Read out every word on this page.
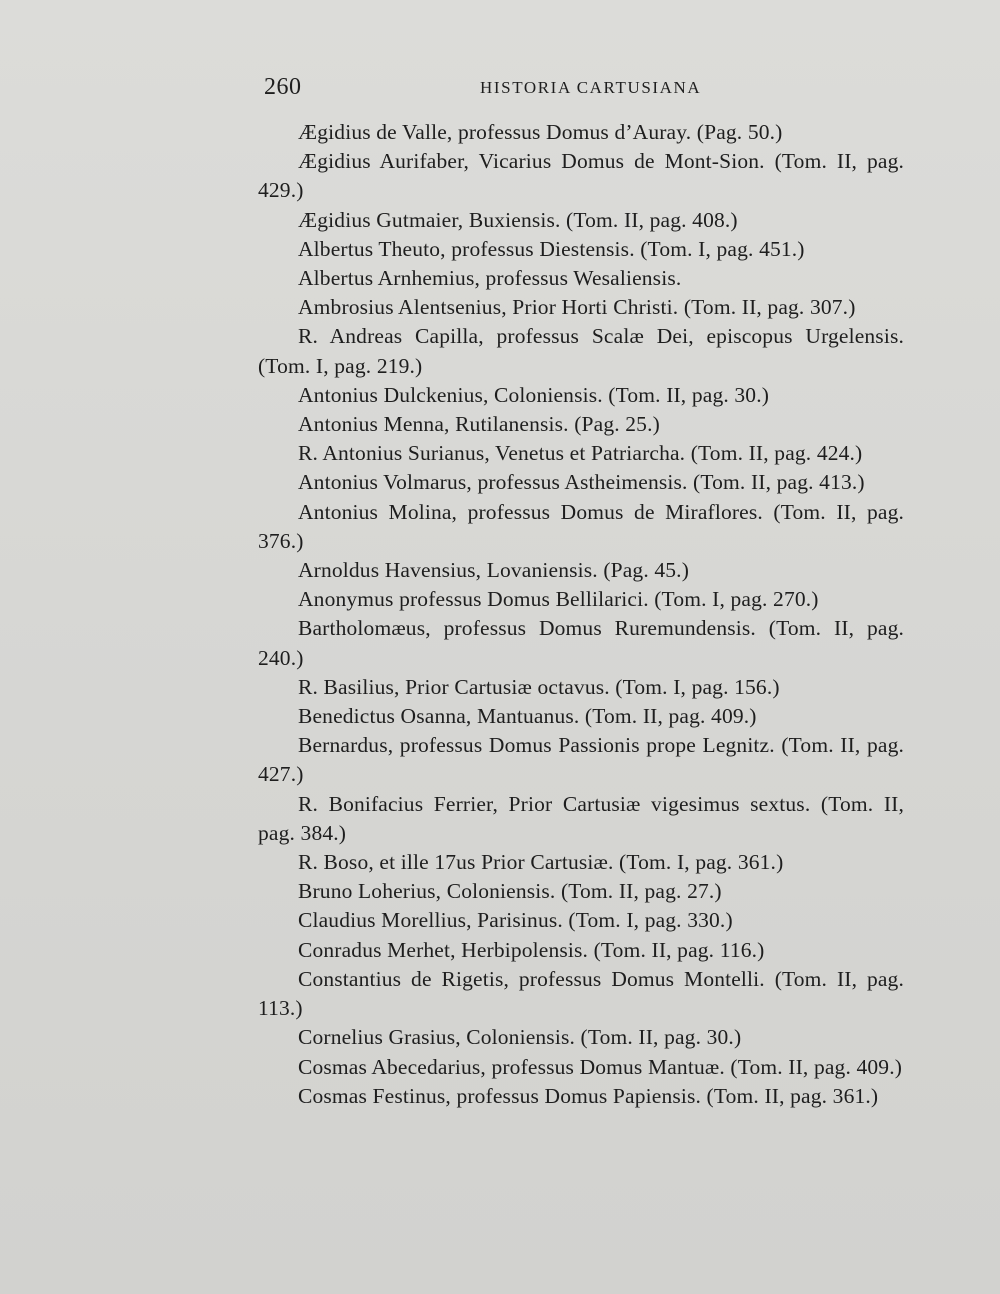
260	HISTORIA CARTUSIANA

Ægidius de Valle, professus Domus d’Auray. (Pag. 50.)

Ægidius Aurifaber, Vicarius Domus de Mont-Sion. (Tom. II, pag. 429.)

Ægidius Gutmaier, Buxiensis. (Tom. II, pag. 408.)

Albertus Theuto, professus Diestensis. (Tom. I, pag. 451.)

Albertus Arnhemius, professus Wesaliensis.

Ambrosius Alentsenius, Prior Horti Christi. (Tom. II, pag. 307.)

R. Andreas Capilla, professus Scalæ Dei, episcopus Urgelensis. (Tom. I, pag. 219.)

Antonius Dulckenius, Coloniensis. (Tom. II, pag. 30.)

Antonius Menna, Rutilanensis. (Pag. 25.)

R. Antonius Surianus, Venetus et Patriarcha. (Tom. II, pag. 424.)

Antonius Volmarus, professus Astheimensis. (Tom. II, pag. 413.)

Antonius Molina, professus Domus de Miraflores. (Tom. II, pag. 376.)

Arnoldus Havensius, Lovaniensis. (Pag. 45.)

Anonymus professus Domus Bellilarici. (Tom. I, pag. 270.)

Bartholomæus, professus Domus Ruremundensis. (Tom. II, pag. 240.)

R. Basilius, Prior Cartusiæ octavus. (Tom. I, pag. 156.)

Benedictus Osanna, Mantuanus. (Tom. II, pag. 409.)

Bernardus, professus Domus Passionis prope Legnitz. (Tom. II, pag. 427.)

R. Bonifacius Ferrier, Prior Cartusiæ vigesimus sextus. (Tom. II, pag. 384.)

R. Boso, et ille 17us Prior Cartusiæ. (Tom. I, pag. 361.)

Bruno Loherius, Coloniensis. (Tom. II, pag. 27.)

Claudius Morellius, Parisinus. (Tom. I, pag. 330.)

Conradus Merhet, Herbipolensis. (Tom. II, pag. 116.)

Constantius de Rigetis, professus Domus Montelli. (Tom. II, pag. 113.)

Cornelius Grasius, Coloniensis. (Tom. II, pag. 30.)

Cosmas Abecedarius, professus Domus Mantuæ. (Tom. II, pag. 409.)

Cosmas Festinus, professus Domus Papiensis. (Tom. II, pag. 361.)
